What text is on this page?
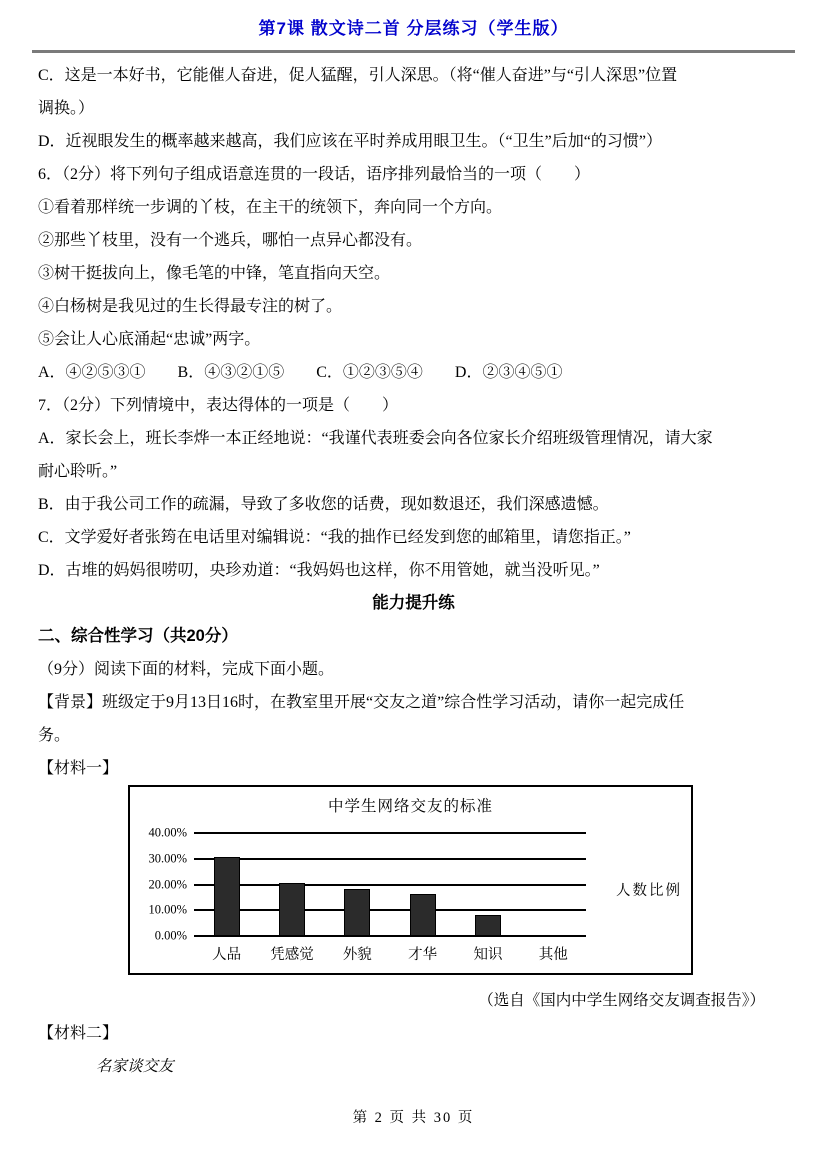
第7课 散文诗二首 分层练习（学生版）
C．这是一本好书，它能催人奋进，促人猛醒，引人深思。（将“催人奋进”与“引人深思”位置
调换。）
D．近视眼发生的概率越来越高，我们应该在平时养成用眼卫生。（“卫生”后加“的习惯”）
6．（2分）将下列句子组成语意连贯的一段话，语序排列最恰当的一项（　　）
①看着那样统一步调的丫枝，在主干的统领下，奔向同一个方向。
②那些丫枝里，没有一个逃兵，哪怕一点异心都没有。
③树干挺拔向上，像毛笔的中锋，笔直指向天空。
④白杨树是我见过的生长得最专注的树了。
⑤会让人心底涌起“忠诚”两字。
A．④②⑤③①　　B．④③②①⑤　　C．①②③⑤④　　D．②③④⑤①
7．（2分）下列情境中，表达得体的一项是（　　）
A．家长会上，班长李烨一本正经地说：“我谨代表班委会向各位家长介绍班级管理情况，请大家
耐心聆听。”
B．由于我公司工作的疏漏，导致了多收您的话费，现如数退还，我们深感遗憾。
C．文学爱好者张筠在电话里对编辑说：“我的拙作已经发到您的邮箱里，请您指正。”
D．古堆的妈妈很唠叨，央珍劝道：“我妈妈也这样，你不用管她，就当没听见。”
能力提升练
二、综合性学习（共20分）
（9分）阅读下面的材料，完成下面小题。
【背景】班级定于9月13日16时，在教室里开展“交友之道”综合性学习活动，请你一起完成任
务。
【材料一】
中学生网络交友的标准
40.00%
30.00%
20.00%
10.00%
0.00%
人品	凭感觉	外貌	才华	知识	其他
人数比例
（选自《国内中学生网络交友调查报告》）
【材料二】
名家谈交友
第 2 页 共 30 页
